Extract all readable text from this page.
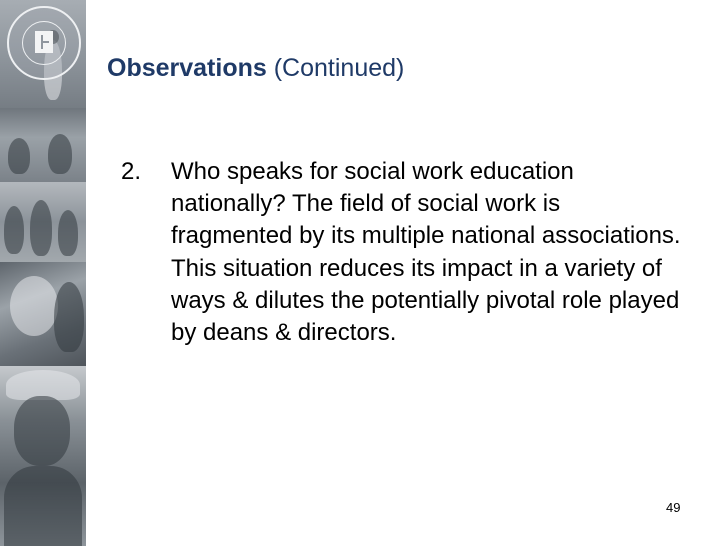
Observations (Continued)
2. Who speaks for social work education nationally? The field of social work is fragmented by its multiple national associations. This situation reduces its impact in a variety of ways & dilutes the potentially pivotal role played by deans & directors.
49
